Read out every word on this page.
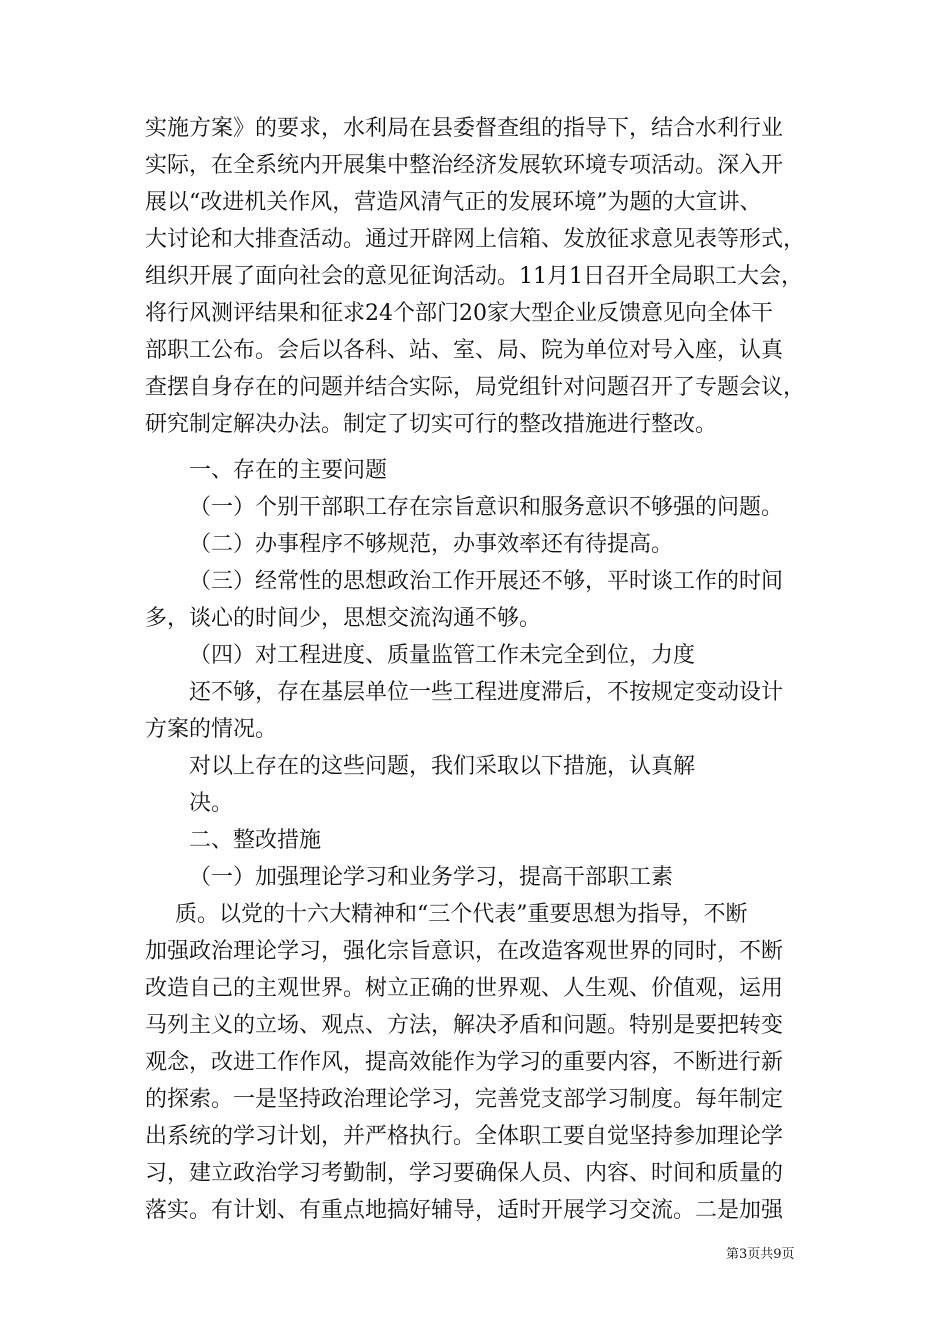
实施方案》的要求，水利局在县委督查组的指导下，结合水利行业
实际，在全系统内开展集中整治经济发展软环境专项活动。深入开
展以“改进机关作风，营造风清气正的发展环境”为题的大宣讲、
大讨论和大排查活动。通过开辟网上信箱、发放征求意见表等形式，
组织开展了面向社会的意见征询活动。11月1日召开全局职工大会，
将行风测评结果和征求24个部门20家大型企业反馈意见向全体干
部职工公布。会后以各科、站、室、局、院为单位对号入座，认真
查摆自身存在的问题并结合实际，局党组针对问题召开了专题会议，
研究制定解决办法。制定了切实可行的整改措施进行整改。
一、存在的主要问题
（一）个别干部职工存在宗旨意识和服务意识不够强的问题。
（二）办事程序不够规范，办事效率还有待提高。
（三）经常性的思想政治工作开展还不够，平时谈工作的时间
多，谈心的时间少，思想交流沟通不够。
（四）对工程进度、质量监管工作未完全到位，力度
还不够，存在基层单位一些工程进度滞后，不按规定变动设计
方案的情况。
对以上存在的这些问题，我们采取以下措施，认真解
决。
二、整改措施
（一）加强理论学习和业务学习，提高干部职工素
质。以党的十六大精神和“三个代表”重要思想为指导，不断
加强政治理论学习，强化宗旨意识，在改造客观世界的同时，不断
改造自己的主观世界。树立正确的世界观、人生观、价值观，运用
马列主义的立场、观点、方法，解决矛盾和问题。特别是要把转变
观念，改进工作作风，提高效能作为学习的重要内容，不断进行新
的探索。一是坚持政治理论学习，完善党支部学习制度。每年制定
出系统的学习计划，并严格执行。全体职工要自觉坚持参加理论学
习，建立政治学习考勤制，学习要确保人员、内容、时间和质量的
落实。有计划、有重点地搞好辅导，适时开展学习交流。二是加强
第3页共9页
